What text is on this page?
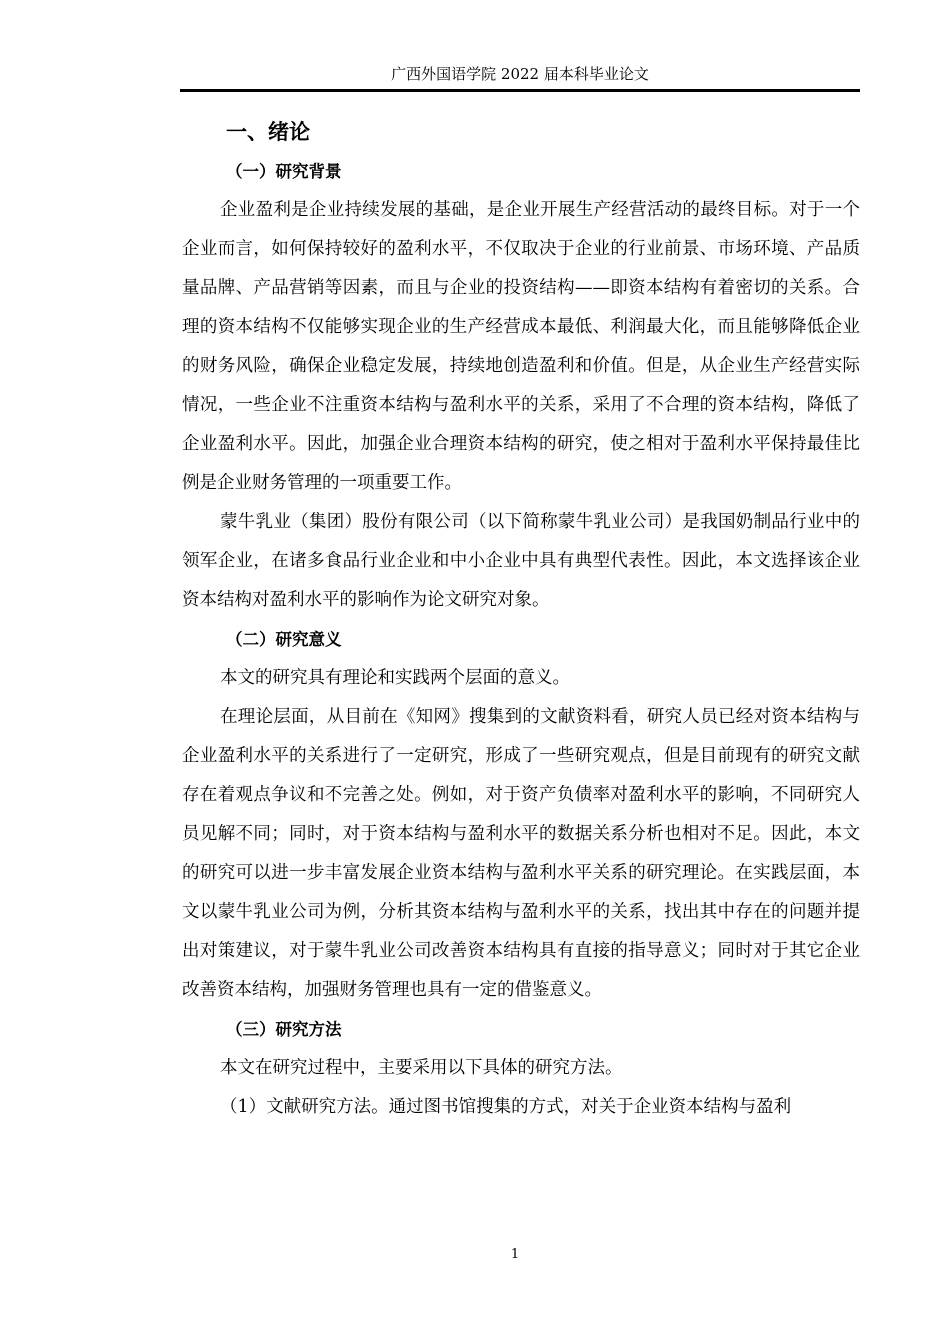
广西外国语学院 2022 届本科毕业论文
一、绪论
（一）研究背景

企业盈利是企业持续发展的基础，是企业开展生产经营活动的最终目标。对于一个企业而言，如何保持较好的盈利水平，不仅取决于企业的行业前景、市场环境、产品质量品牌、产品营销等因素，而且与企业的投资结构——即资本结构有着密切的关系。合理的资本结构不仅能够实现企业的生产经营成本最低、利润最大化，而且能够降低企业的财务风险，确保企业稳定发展，持续地创造盈利和价值。但是，从企业生产经营实际情况，一些企业不注重资本结构与盈利水平的关系，采用了不合理的资本结构，降低了企业盈利水平。因此，加强企业合理资本结构的研究，使之相对于盈利水平保持最佳比例是企业财务管理的一项重要工作。

蒙牛乳业（集团）股份有限公司（以下简称蒙牛乳业公司）是我国奶制品行业中的领军企业，在诸多食品行业企业和中小企业中具有典型代表性。因此，本文选择该企业资本结构对盈利水平的影响作为论文研究对象。

（二）研究意义

本文的研究具有理论和实践两个层面的意义。

在理论层面，从目前在《知网》搜集到的文献资料看，研究人员已经对资本结构与企业盈利水平的关系进行了一定研究，形成了一些研究观点，但是目前现有的研究文献存在着观点争议和不完善之处。例如，对于资产负债率对盈利水平的影响，不同研究人员见解不同；同时，对于资本结构与盈利水平的数据关系分析也相对不足。因此，本文的研究可以进一步丰富发展企业资本结构与盈利水平关系的研究理论。在实践层面，本文以蒙牛乳业公司为例，分析其资本结构与盈利水平的关系，找出其中存在的问题并提出对策建议，对于蒙牛乳业公司改善资本结构具有直接的指导意义；同时对于其它企业改善资本结构，加强财务管理也具有一定的借鉴意义。

（三）研究方法

本文在研究过程中，主要采用以下具体的研究方法。

（1）文献研究方法。通过图书馆搜集的方式，对关于企业资本结构与盈利

1
